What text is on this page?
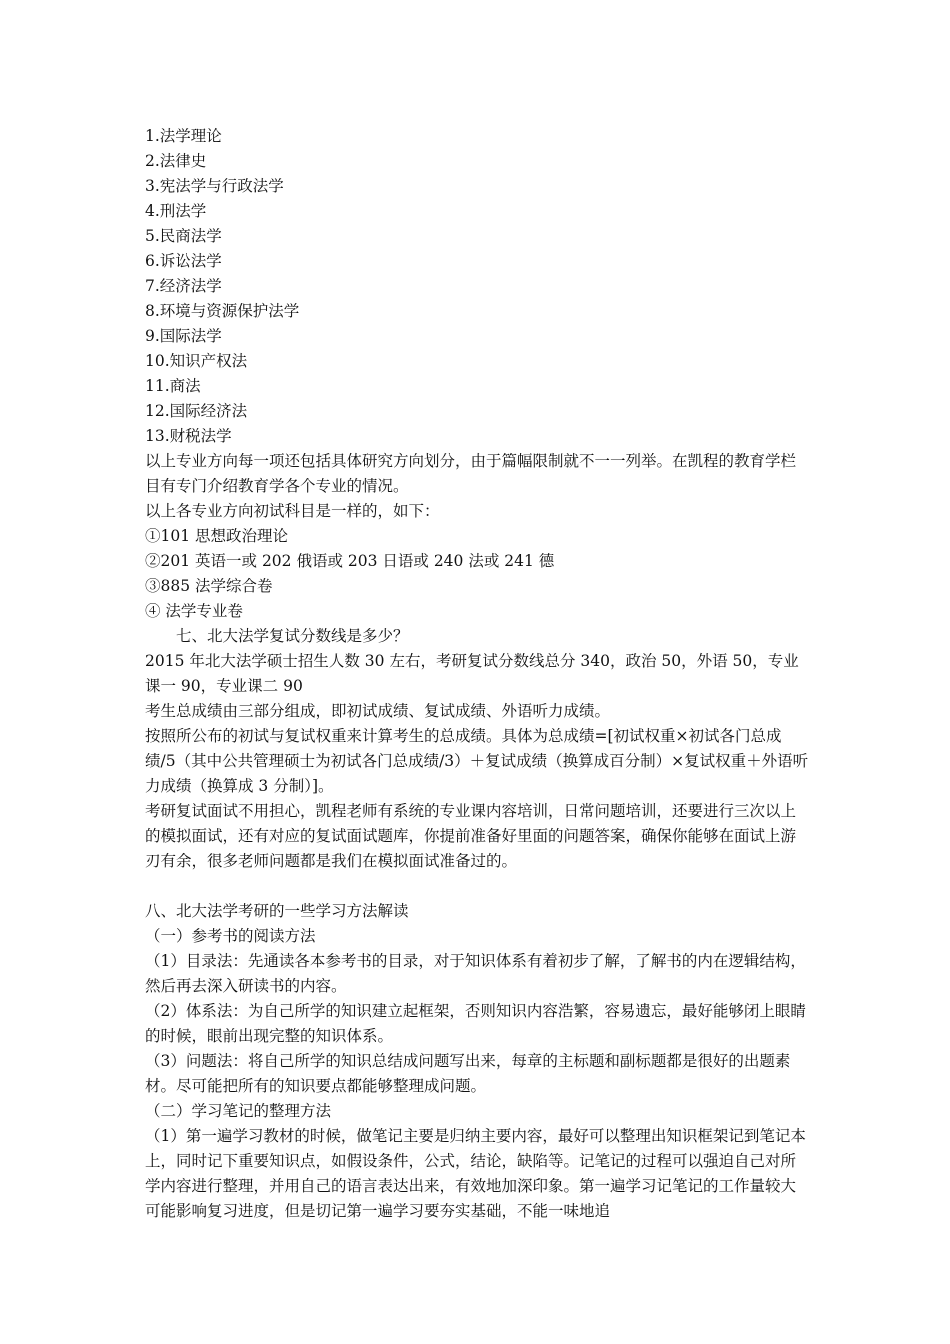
1.法学理论

2.法律史

3.宪法学与行政法学

4.刑法学

5.民商法学

6.诉讼法学

7.经济法学

8.环境与资源保护法学

9.国际法学

10.知识产权法

11.商法

12.国际经济法

13.财税法学

以上专业方向每一项还包括具体研究方向划分，由于篇幅限制就不一一列举。在凯程的教育学栏目有专门介绍教育学各个专业的情况。

以上各专业方向初试科目是一样的，如下：

①101 思想政治理论

②201 英语一或 202 俄语或 203 日语或 240 法或 241 德

③885 法学综合卷

④ 法学专业卷

七、北大法学复试分数线是多少？

2015 年北大法学硕士招生人数 30 左右，考研复试分数线总分 340，政治 50，外语 50，专业课一 90，专业课二 90

考生总成绩由三部分组成，即初试成绩、复试成绩、外语听力成绩。

按照所公布的初试与复试权重来计算考生的总成绩。具体为总成绩=[初试权重×初试各门总成绩/5（其中公共管理硕士为初试各门总成绩/3）＋复试成绩（换算成百分制）×复试权重＋外语听力成绩（换算成 3 分制）]。

考研复试面试不用担心，凯程老师有系统的专业课内容培训，日常问题培训，还要进行三次以上的模拟面试，还有对应的复试面试题库，你提前准备好里面的问题答案，确保你能够在面试上游刃有余，很多老师问题都是我们在模拟面试准备过的。

八、北大法学考研的一些学习方法解读

（一）参考书的阅读方法

（1）目录法：先通读各本参考书的目录，对于知识体系有着初步了解，了解书的内在逻辑结构，然后再去深入研读书的内容。

（2）体系法：为自己所学的知识建立起框架，否则知识内容浩繁，容易遗忘，最好能够闭上眼睛的时候，眼前出现完整的知识体系。

（3）问题法：将自己所学的知识总结成问题写出来，每章的主标题和副标题都是很好的出题素材。尽可能把所有的知识要点都能够整理成问题。

（二）学习笔记的整理方法

（1）第一遍学习教材的时候，做笔记主要是归纳主要内容，最好可以整理出知识框架记到笔记本上，同时记下重要知识点，如假设条件，公式，结论，缺陷等。记笔记的过程可以强迫自己对所学内容进行整理，并用自己的语言表达出来，有效地加深印象。第一遍学习记笔记的工作量较大可能影响复习进度，但是切记第一遍学习要夯实基础，不能一味地追
